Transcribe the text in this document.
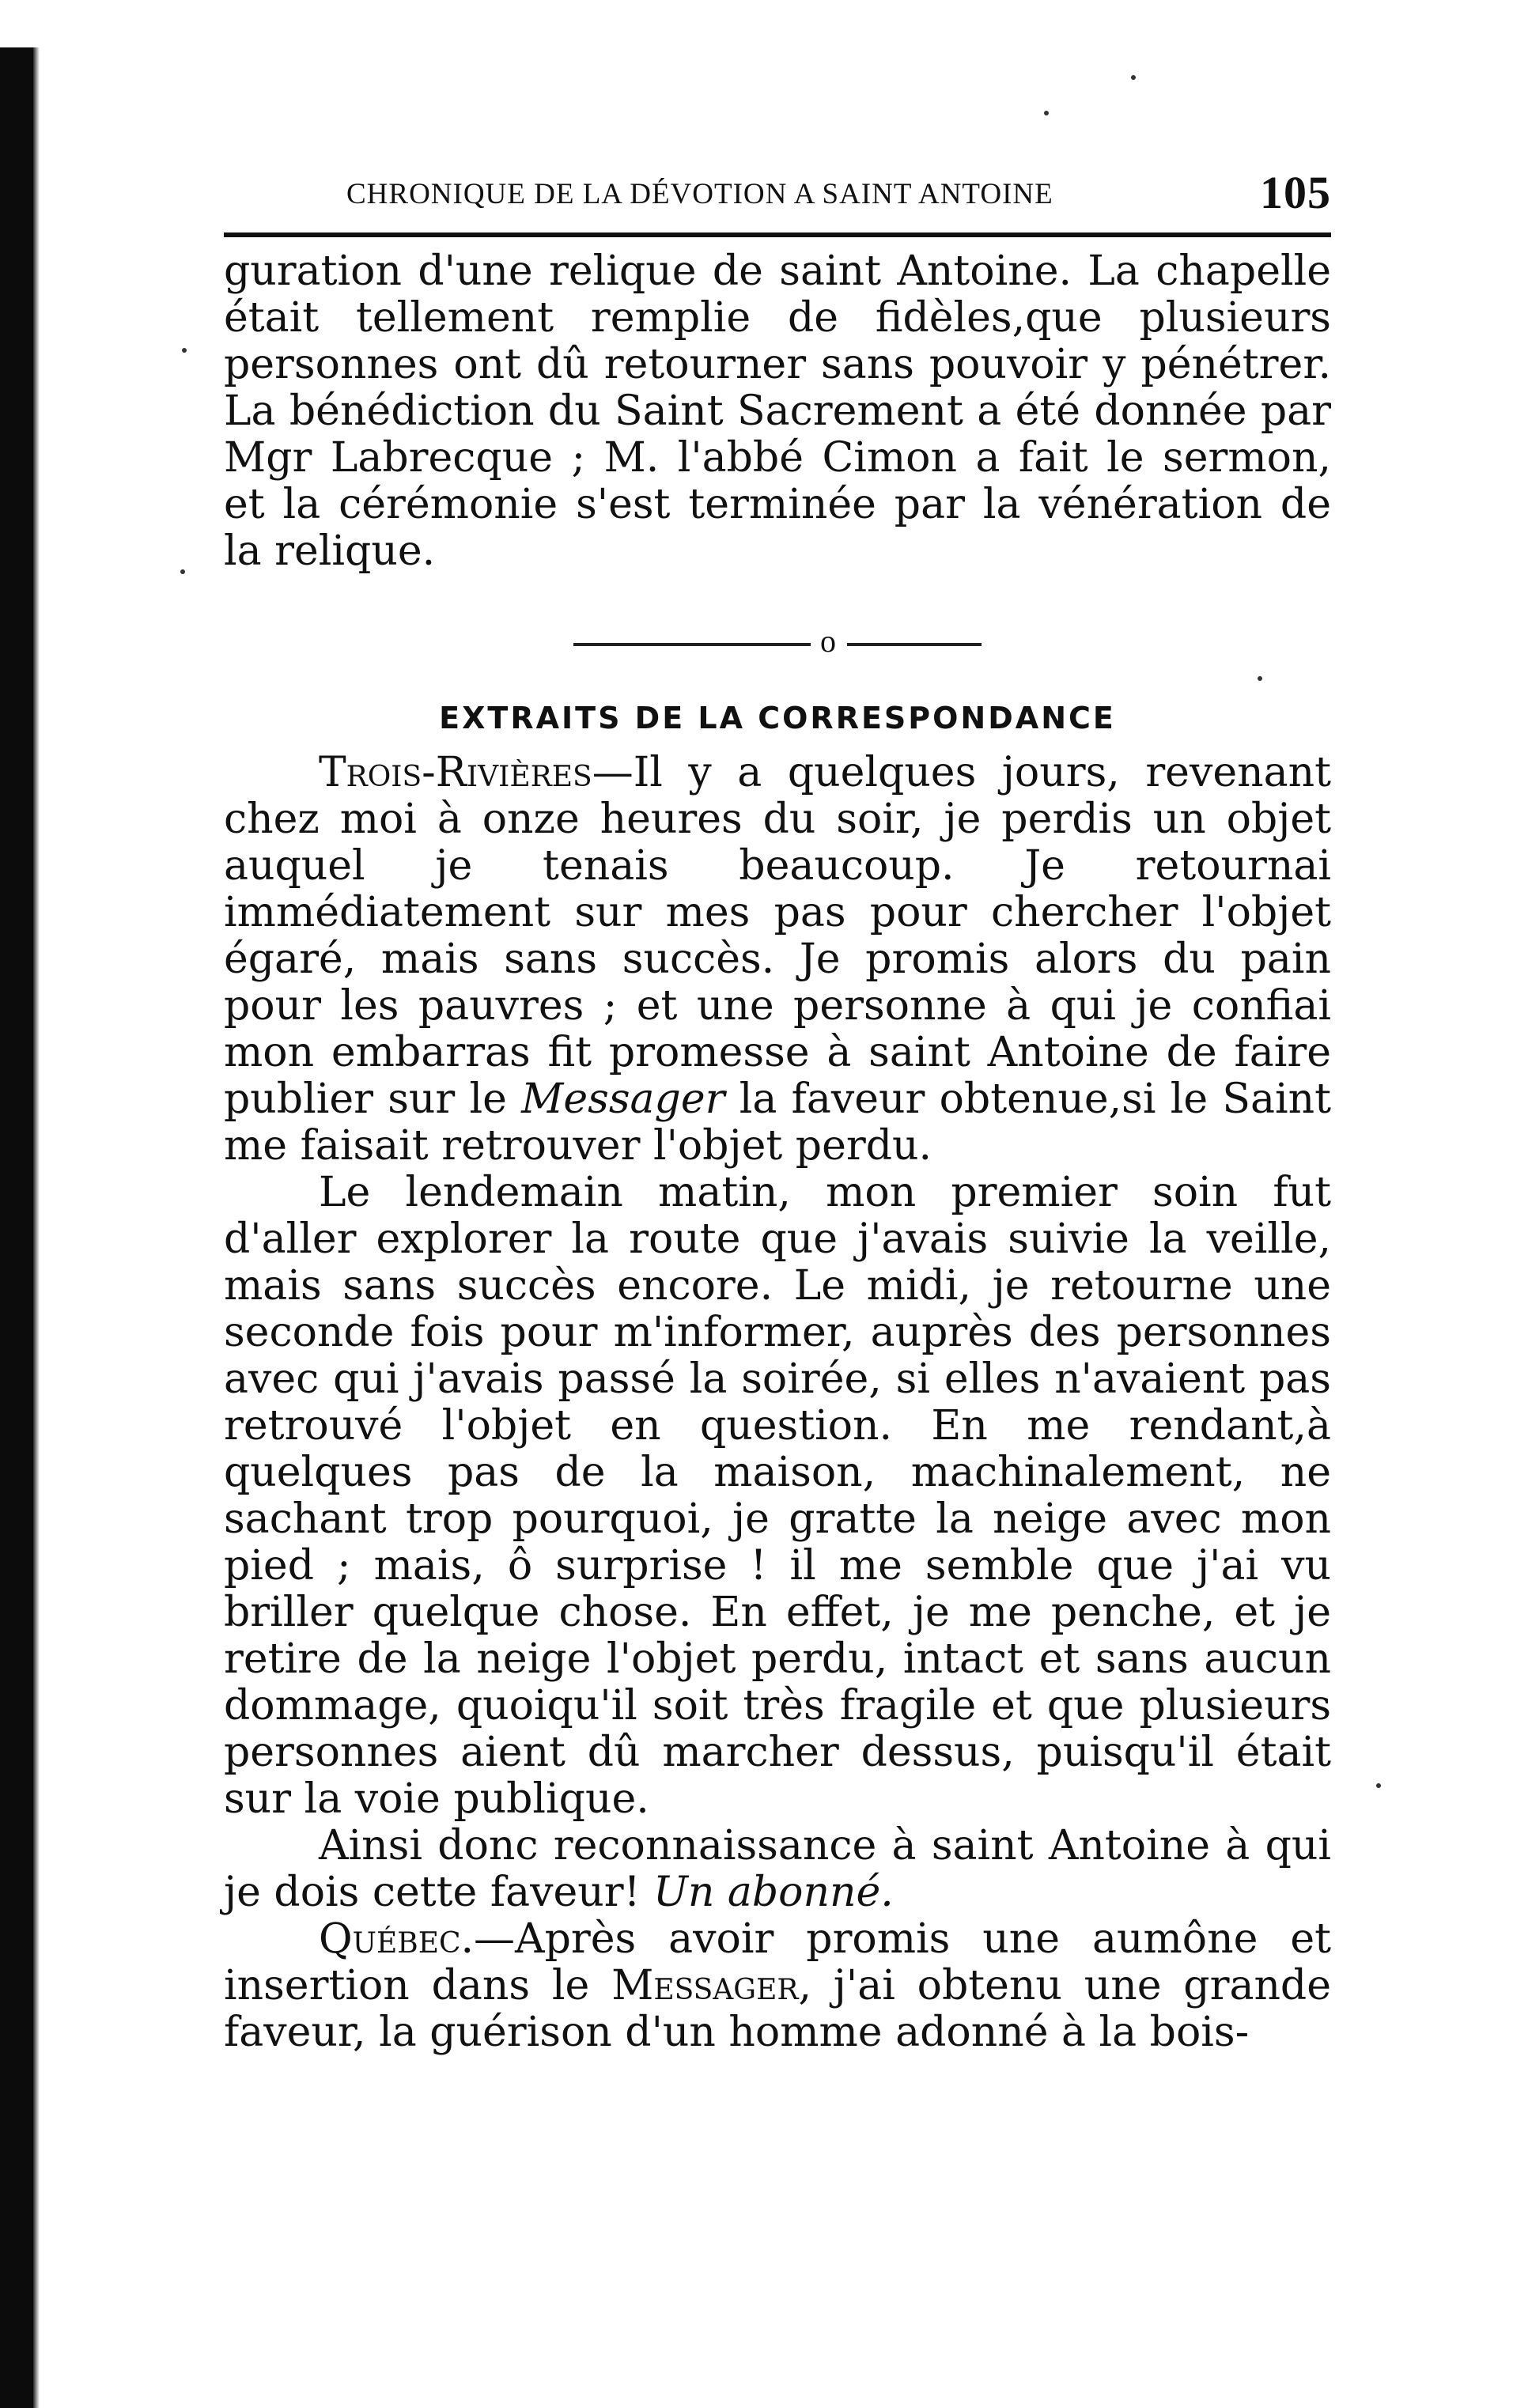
CHRONIQUE DE LA DÉVOTION A SAINT ANTOINE	105

guration d'une relique de saint Antoine. La chapelle était tellement remplie de fidèles,que plusieurs personnes ont dû retourner sans pouvoir y pénétrer. La bénédiction du Saint Sacrement a été donnée par Mgr Labrecque ; M. l'abbé Cimon a fait le sermon, et la cérémonie s'est terminée par la vénération de la relique.

o
EXTRAITS DE LA CORRESPONDANCE

Trois-Rivières—Il y a quelques jours, revenant chez moi à onze heures du soir, je perdis un objet auquel je tenais beaucoup. Je retournai immédiatement sur mes pas pour chercher l'objet égaré, mais sans succès. Je promis alors du pain pour les pauvres ; et une personne à qui je confiai mon embarras fit promesse à saint Antoine de faire publier sur le Messager la faveur obtenue,si le Saint me faisait retrouver l'objet perdu.

Le lendemain matin, mon premier soin fut d'aller explorer la route que j'avais suivie la veille, mais sans succès encore. Le midi, je retourne une seconde fois pour m'informer, auprès des personnes avec qui j'avais passé la soirée, si elles n'avaient pas retrouvé l'objet en question. En me rendant,à quelques pas de la maison, machinalement, ne sachant trop pourquoi, je gratte la neige avec mon pied ; mais, ô surprise ! il me semble que j'ai vu briller quelque chose. En effet, je me penche, et je retire de la neige l'objet perdu, intact et sans aucun dommage, quoiqu'il soit très fragile et que plusieurs personnes aient dû marcher dessus, puisqu'il était sur la voie publique.

Ainsi donc reconnaissance à saint Antoine à qui je dois cette faveur! Un abonné.

Québec.—Après avoir promis une aumône et insertion dans le Messager, j'ai obtenu une grande faveur, la guérison d'un homme adonné à la bois-
